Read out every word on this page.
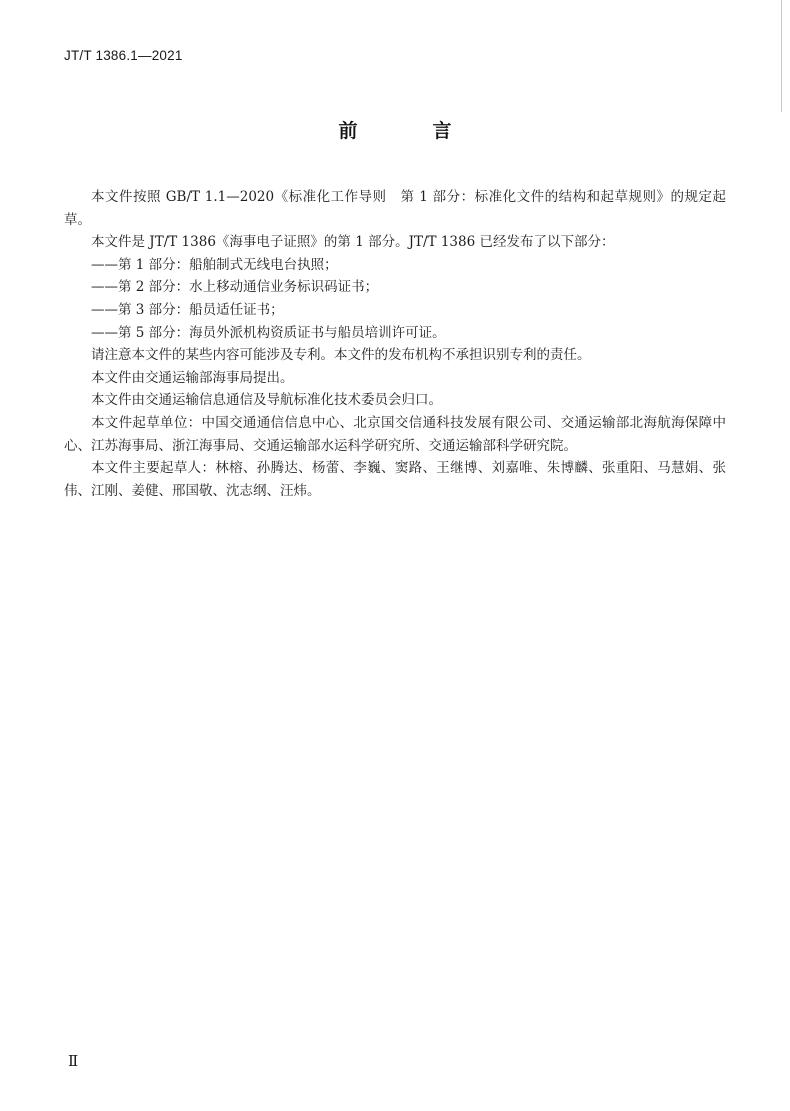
JT/T 1386.1—2021
前　言

本文件按照 GB/T 1.1—2020《标准化工作导则　第 1 部分：标准化文件的结构和起草规则》的规定起草。

本文件是 JT/T 1386《海事电子证照》的第 1 部分。JT/T 1386 已经发布了以下部分：

——第 1 部分：船舶制式无线电台执照；

——第 2 部分：水上移动通信业务标识码证书；

——第 3 部分：船员适任证书；

——第 5 部分：海员外派机构资质证书与船员培训许可证。

请注意本文件的某些内容可能涉及专利。本文件的发布机构不承担识别专利的责任。

本文件由交通运输部海事局提出。

本文件由交通运输信息通信及导航标准化技术委员会归口。

本文件起草单位：中国交通通信信息中心、北京国交信通科技发展有限公司、交通运输部北海航海保障中心、江苏海事局、浙江海事局、交通运输部水运科学研究所、交通运输部科学研究院。

本文件主要起草人：林榕、孙腾达、杨蕾、李巍、窦路、王继博、刘嘉唯、朱博麟、张重阳、马慧娟、张伟、江刚、姜健、邢国敬、沈志纲、汪炜。

Ⅱ
